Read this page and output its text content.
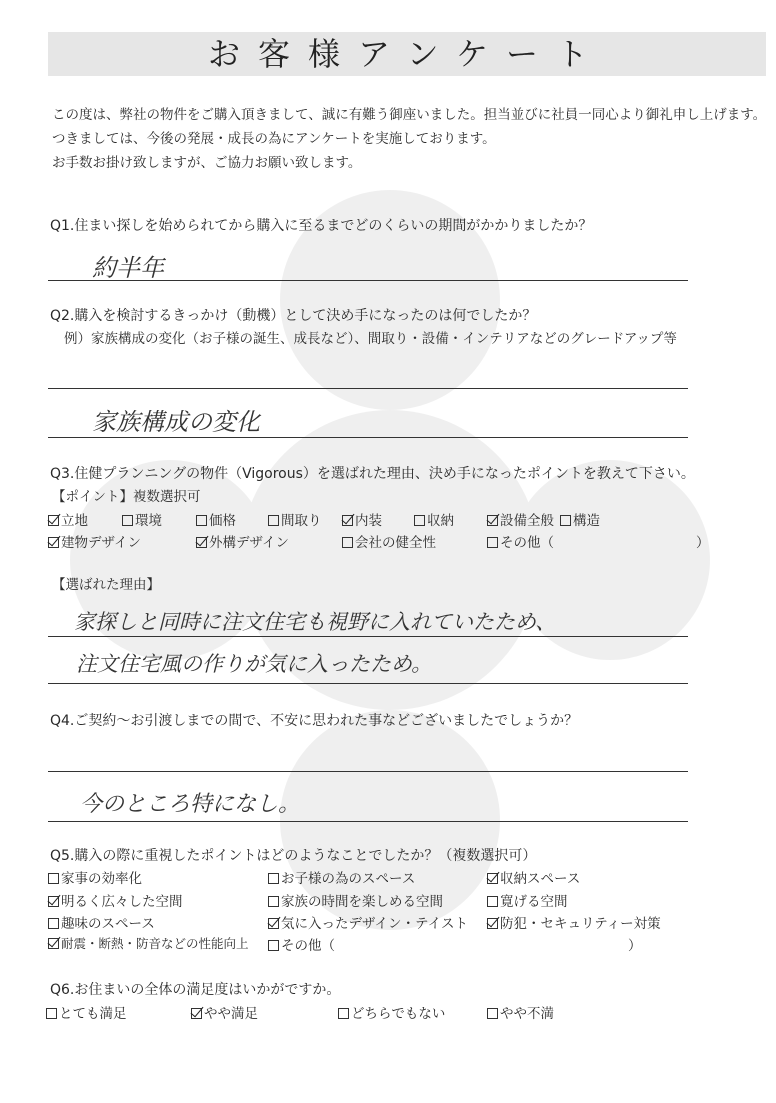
お客様アンケート
この度は、弊社の物件をご購入頂きまして、誠に有難う御座いました。担当並びに社員一同心より御礼申し上げます。
つきましては、今後の発展・成長の為にアンケートを実施しております。
お手数お掛け致しますが、ご協力お願い致します。
Q1.住まい探しを始められてから購入に至るまでどのくらいの期間がかかりましたか？
約半年
Q2.購入を検討するきっかけ（動機）として決め手になったのは何でしたか？
例）家族構成の変化（お子様の誕生、成長など）、間取り・設備・インテリアなどのグレードアップ等
家族構成の変化
Q3.住健プランニングの物件（Vigorous）を選ばれた理由、決め手になったポイントを教えて下さい。
【ポイント】複数選択可
立地	環境	価格	間取り	内装	収納	設備全般	構造
建物デザイン	外構デザイン	会社の健全性	その他（	）
【選ばれた理由】
家探しと同時に注文住宅も視野に入れていたため、
注文住宅風の作りが気に入ったため。
Q4.ご契約～お引渡しまでの間で、不安に思われた事などございましたでしょうか？
今のところ特になし。
Q5.購入の際に重視したポイントはどのようなことでしたか？（複数選択可）
家事の効率化	お子様の為のスペース	収納スペース
明るく広々した空間	家族の時間を楽しめる空間	寛げる空間
趣味のスペース	気に入ったデザイン・テイスト	防犯・セキュリティー対策
耐震・断熱・防音などの性能向上	その他（	）
Q6.お住まいの全体の満足度はいかがですか。
とても満足	やや満足	どちらでもない	やや不満
